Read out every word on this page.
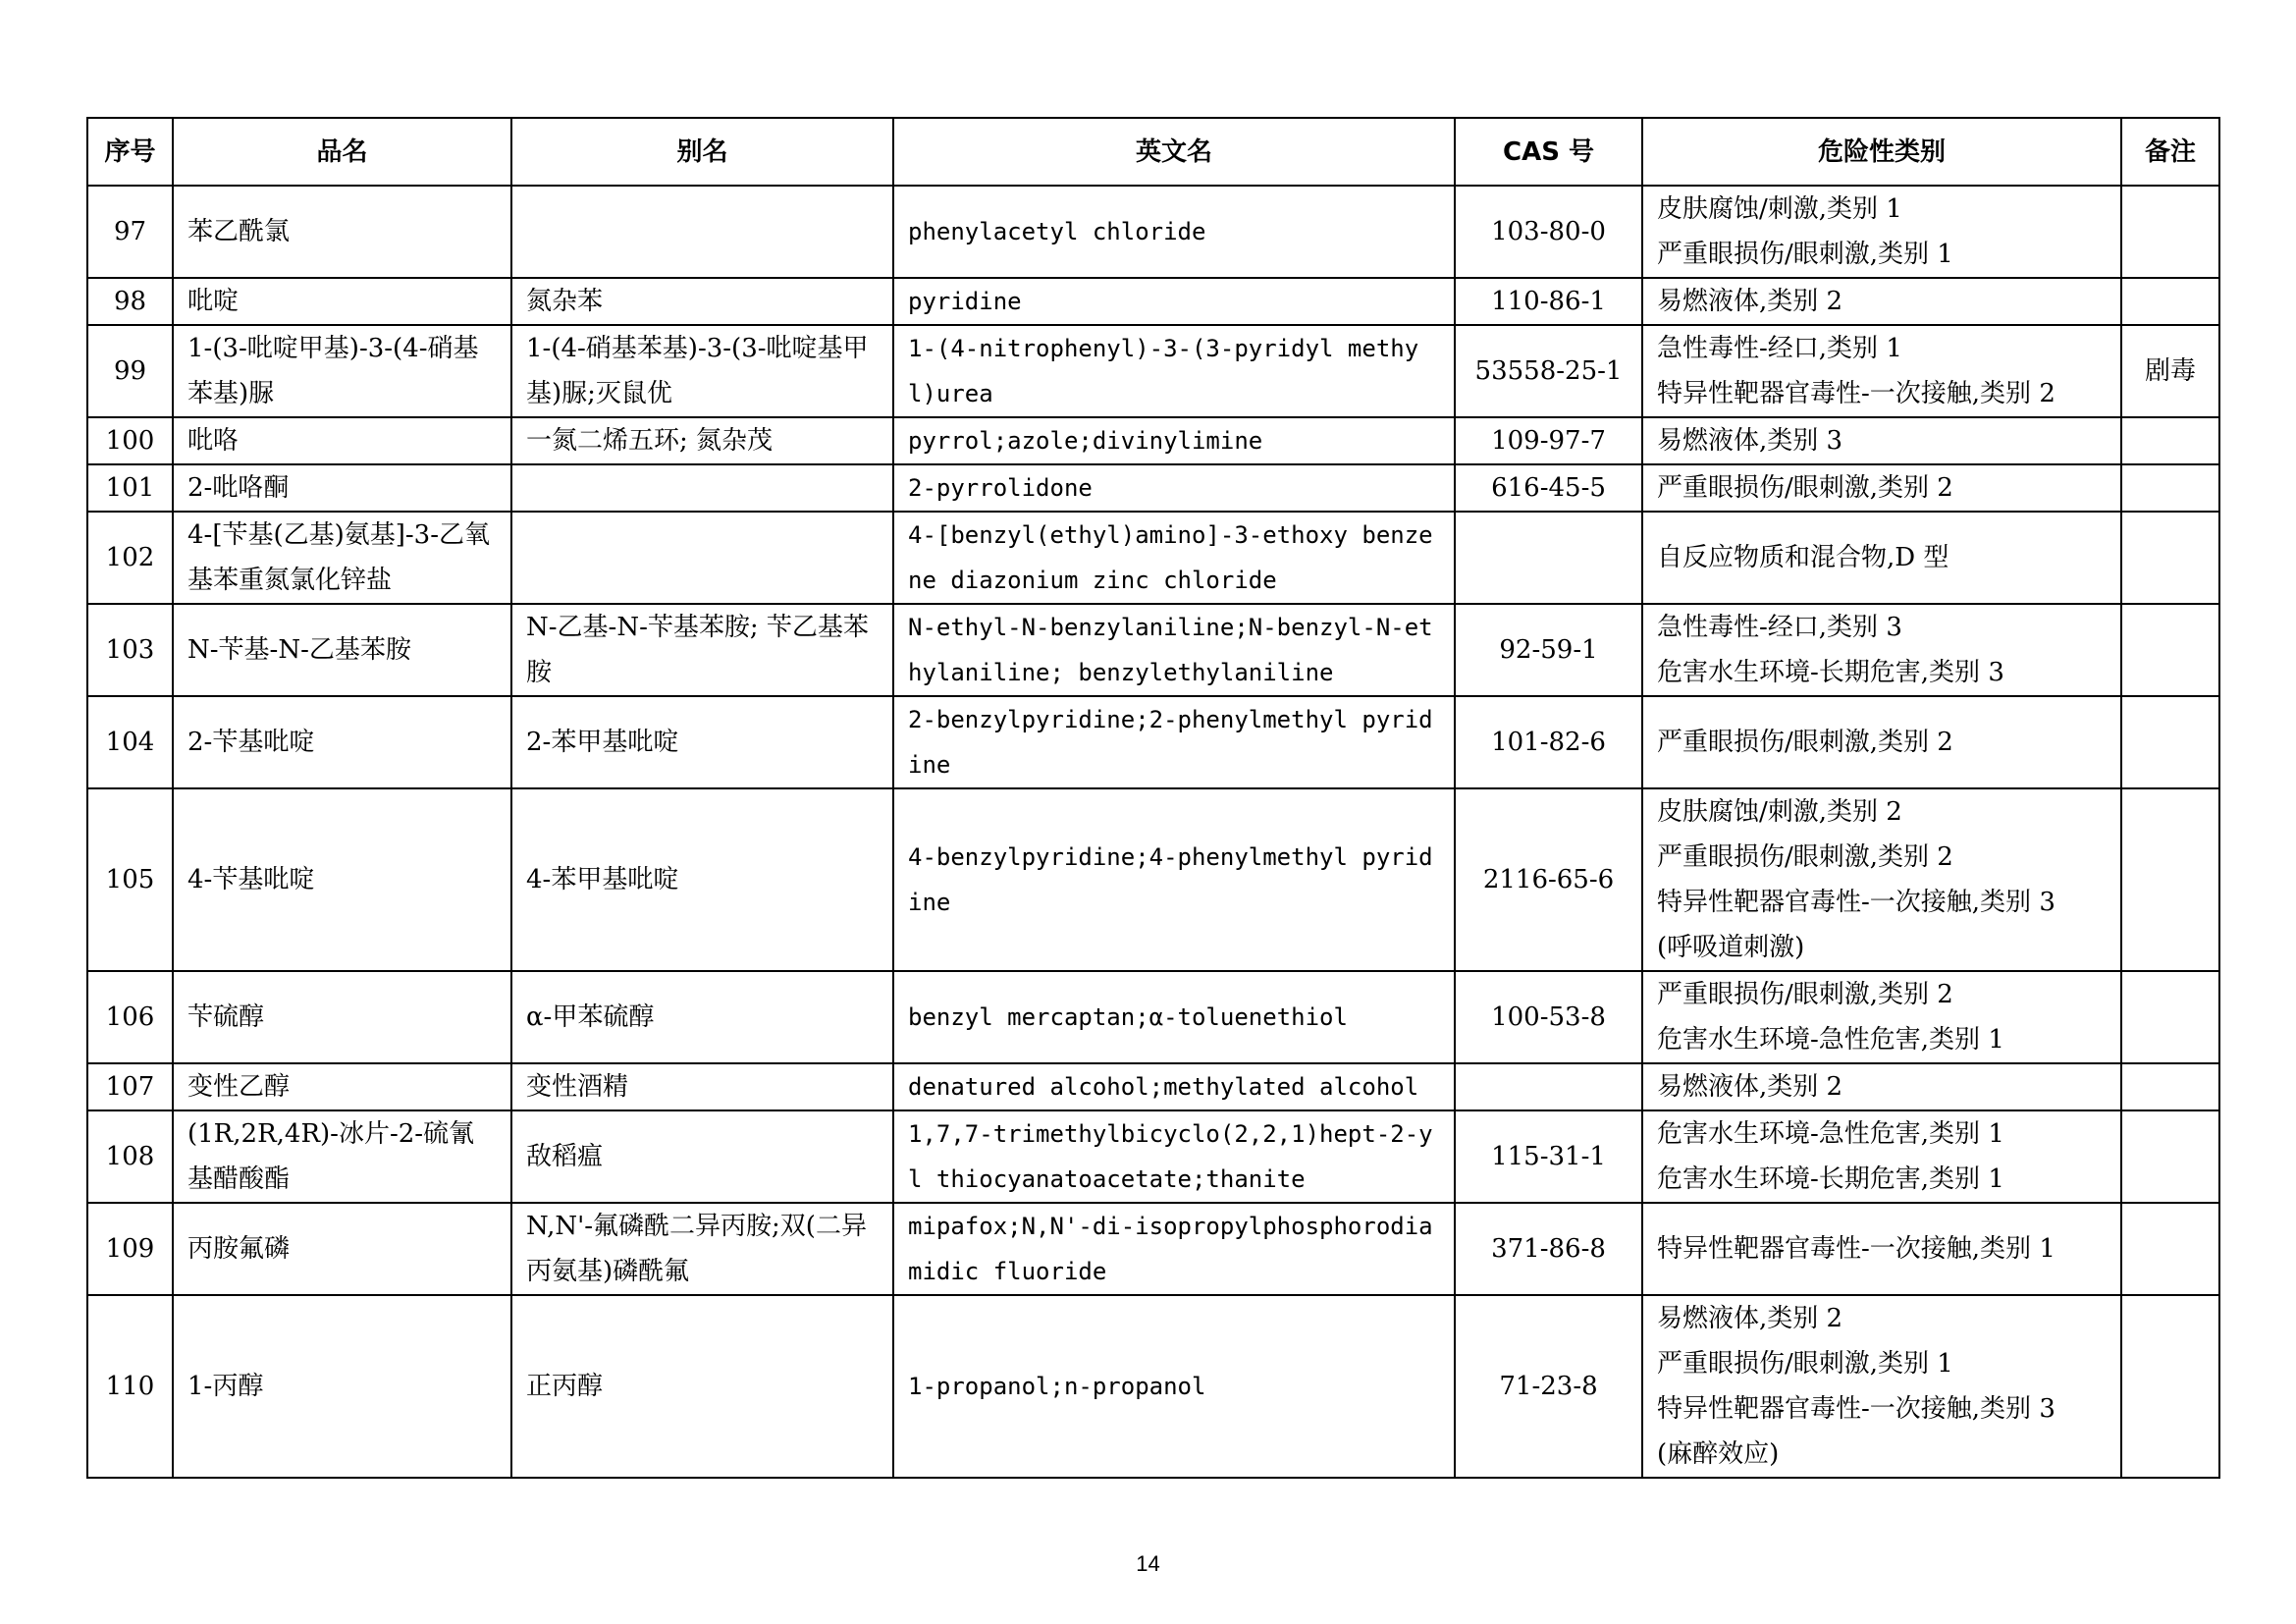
序号	品名	别名	英文名	CAS 号	危险性类别	备注
97	苯乙酰氯		phenylacetyl chloride	103-80-0	皮肤腐蚀/刺激,类别 1
严重眼损伤/眼刺激,类别 1	

98	吡啶	氮杂苯	pyridine	110-86-1	易燃液体,类别 2	

99	1-(3-吡啶甲基)-3-(4-硝基苯基)脲	1-(4-硝基苯基)-3-(3-吡啶基甲基)脲;灭鼠优	1-(4-nitrophenyl)-3-(3-pyridyl methyl)urea	53558-25-1	急性毒性-经口,类别 1
特异性靶器官毒性-一次接触,类别 2	剧毒
100	吡咯	一氮二烯五环; 氮杂茂	pyrrol;azole;divinylimine	109-97-7	易燃液体,类别 3	

101	2-吡咯酮		2-pyrrolidone	616-45-5	严重眼损伤/眼刺激,类别 2	

102	4-[苄基(乙基)氨基]-3-乙氧基苯重氮氯化锌盐		4-[benzyl(ethyl)amino]-3-ethoxy benzene diazonium zinc chloride		自反应物质和混合物,D 型	

103	N-苄基-N-乙基苯胺	N-乙基-N-苄基苯胺; 苄乙基苯胺	N-ethyl-N-benzylaniline;N-benzyl-N-ethylaniline; benzylethylaniline	92-59-1	急性毒性-经口,类别 3
危害水生环境-长期危害,类别 3	

104	2-苄基吡啶	2-苯甲基吡啶	2-benzylpyridine;2-phenylmethyl pyridine	101-82-6	严重眼损伤/眼刺激,类别 2	

105	4-苄基吡啶	4-苯甲基吡啶	4-benzylpyridine;4-phenylmethyl pyridine	2116-65-6	皮肤腐蚀/刺激,类别 2
严重眼损伤/眼刺激,类别 2
特异性靶器官毒性-一次接触,类别 3
(呼吸道刺激)	

106	苄硫醇	α-甲苯硫醇	benzyl mercaptan;α-toluenethiol	100-53-8	严重眼损伤/眼刺激,类别 2
危害水生环境-急性危害,类别 1	

107	变性乙醇	变性酒精	denatured alcohol;methylated alcohol		易燃液体,类别 2	

108	(1R,2R,4R)-冰片-2-硫氰基醋酸酯	敌稻瘟	1,7,7-trimethylbicyclo(2,2,1)hept-2-yl thiocyanatoacetate;thanite	115-31-1	危害水生环境-急性危害,类别 1
危害水生环境-长期危害,类别 1	

109	丙胺氟磷	N,N'-氟磷酰二异丙胺;双(二异丙氨基)磷酰氟	mipafox;N,N'-di-isopropylphosphorodiamidic fluoride	371-86-8	特异性靶器官毒性-一次接触,类别 1	

110	1-丙醇	正丙醇	1-propanol;n-propanol	71-23-8	易燃液体,类别 2
严重眼损伤/眼刺激,类别 1
特异性靶器官毒性-一次接触,类别 3
(麻醉效应)	

14
